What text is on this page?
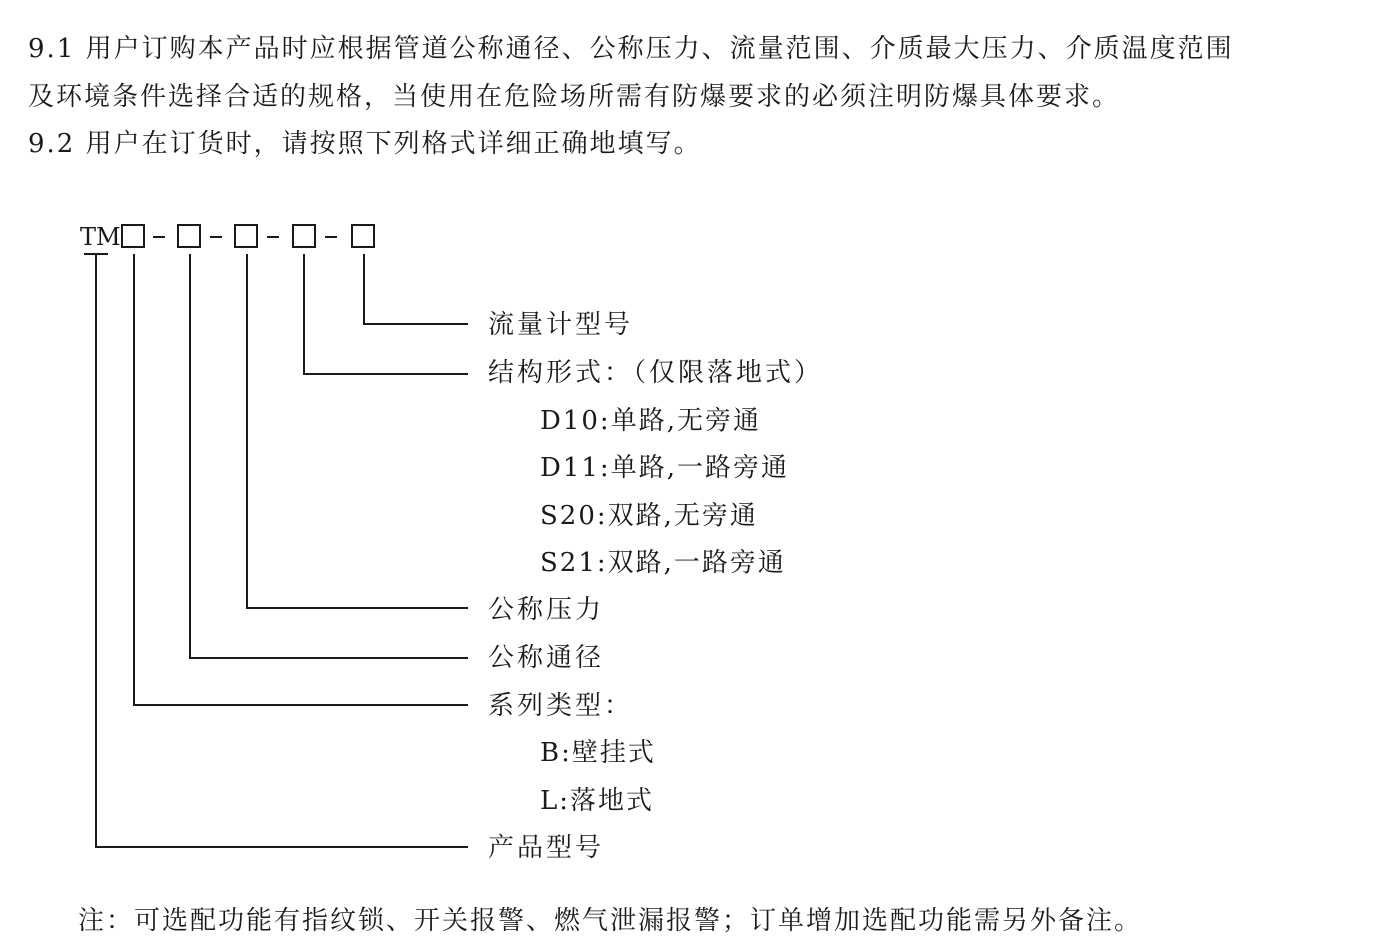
9.1 用户订购本产品时应根据管道公称通径、公称压力、流量范围、介质最大压力、介质温度范围
及环境条件选择合适的规格，当使用在危险场所需有防爆要求的必须注明防爆具体要求。
9.2 用户在订货时，请按照下列格式详细正确地填写。
TM
流量计型号
结构形式：（仅限落地式）
D10:单路,无旁通
D11:单路,一路旁通
S20:双路,无旁通
S21:双路,一路旁通
公称压力
公称通径
系列类型：
B:壁挂式
L:落地式
产品型号
注：可选配功能有指纹锁、开关报警、燃气泄漏报警；订单增加选配功能需另外备注。
